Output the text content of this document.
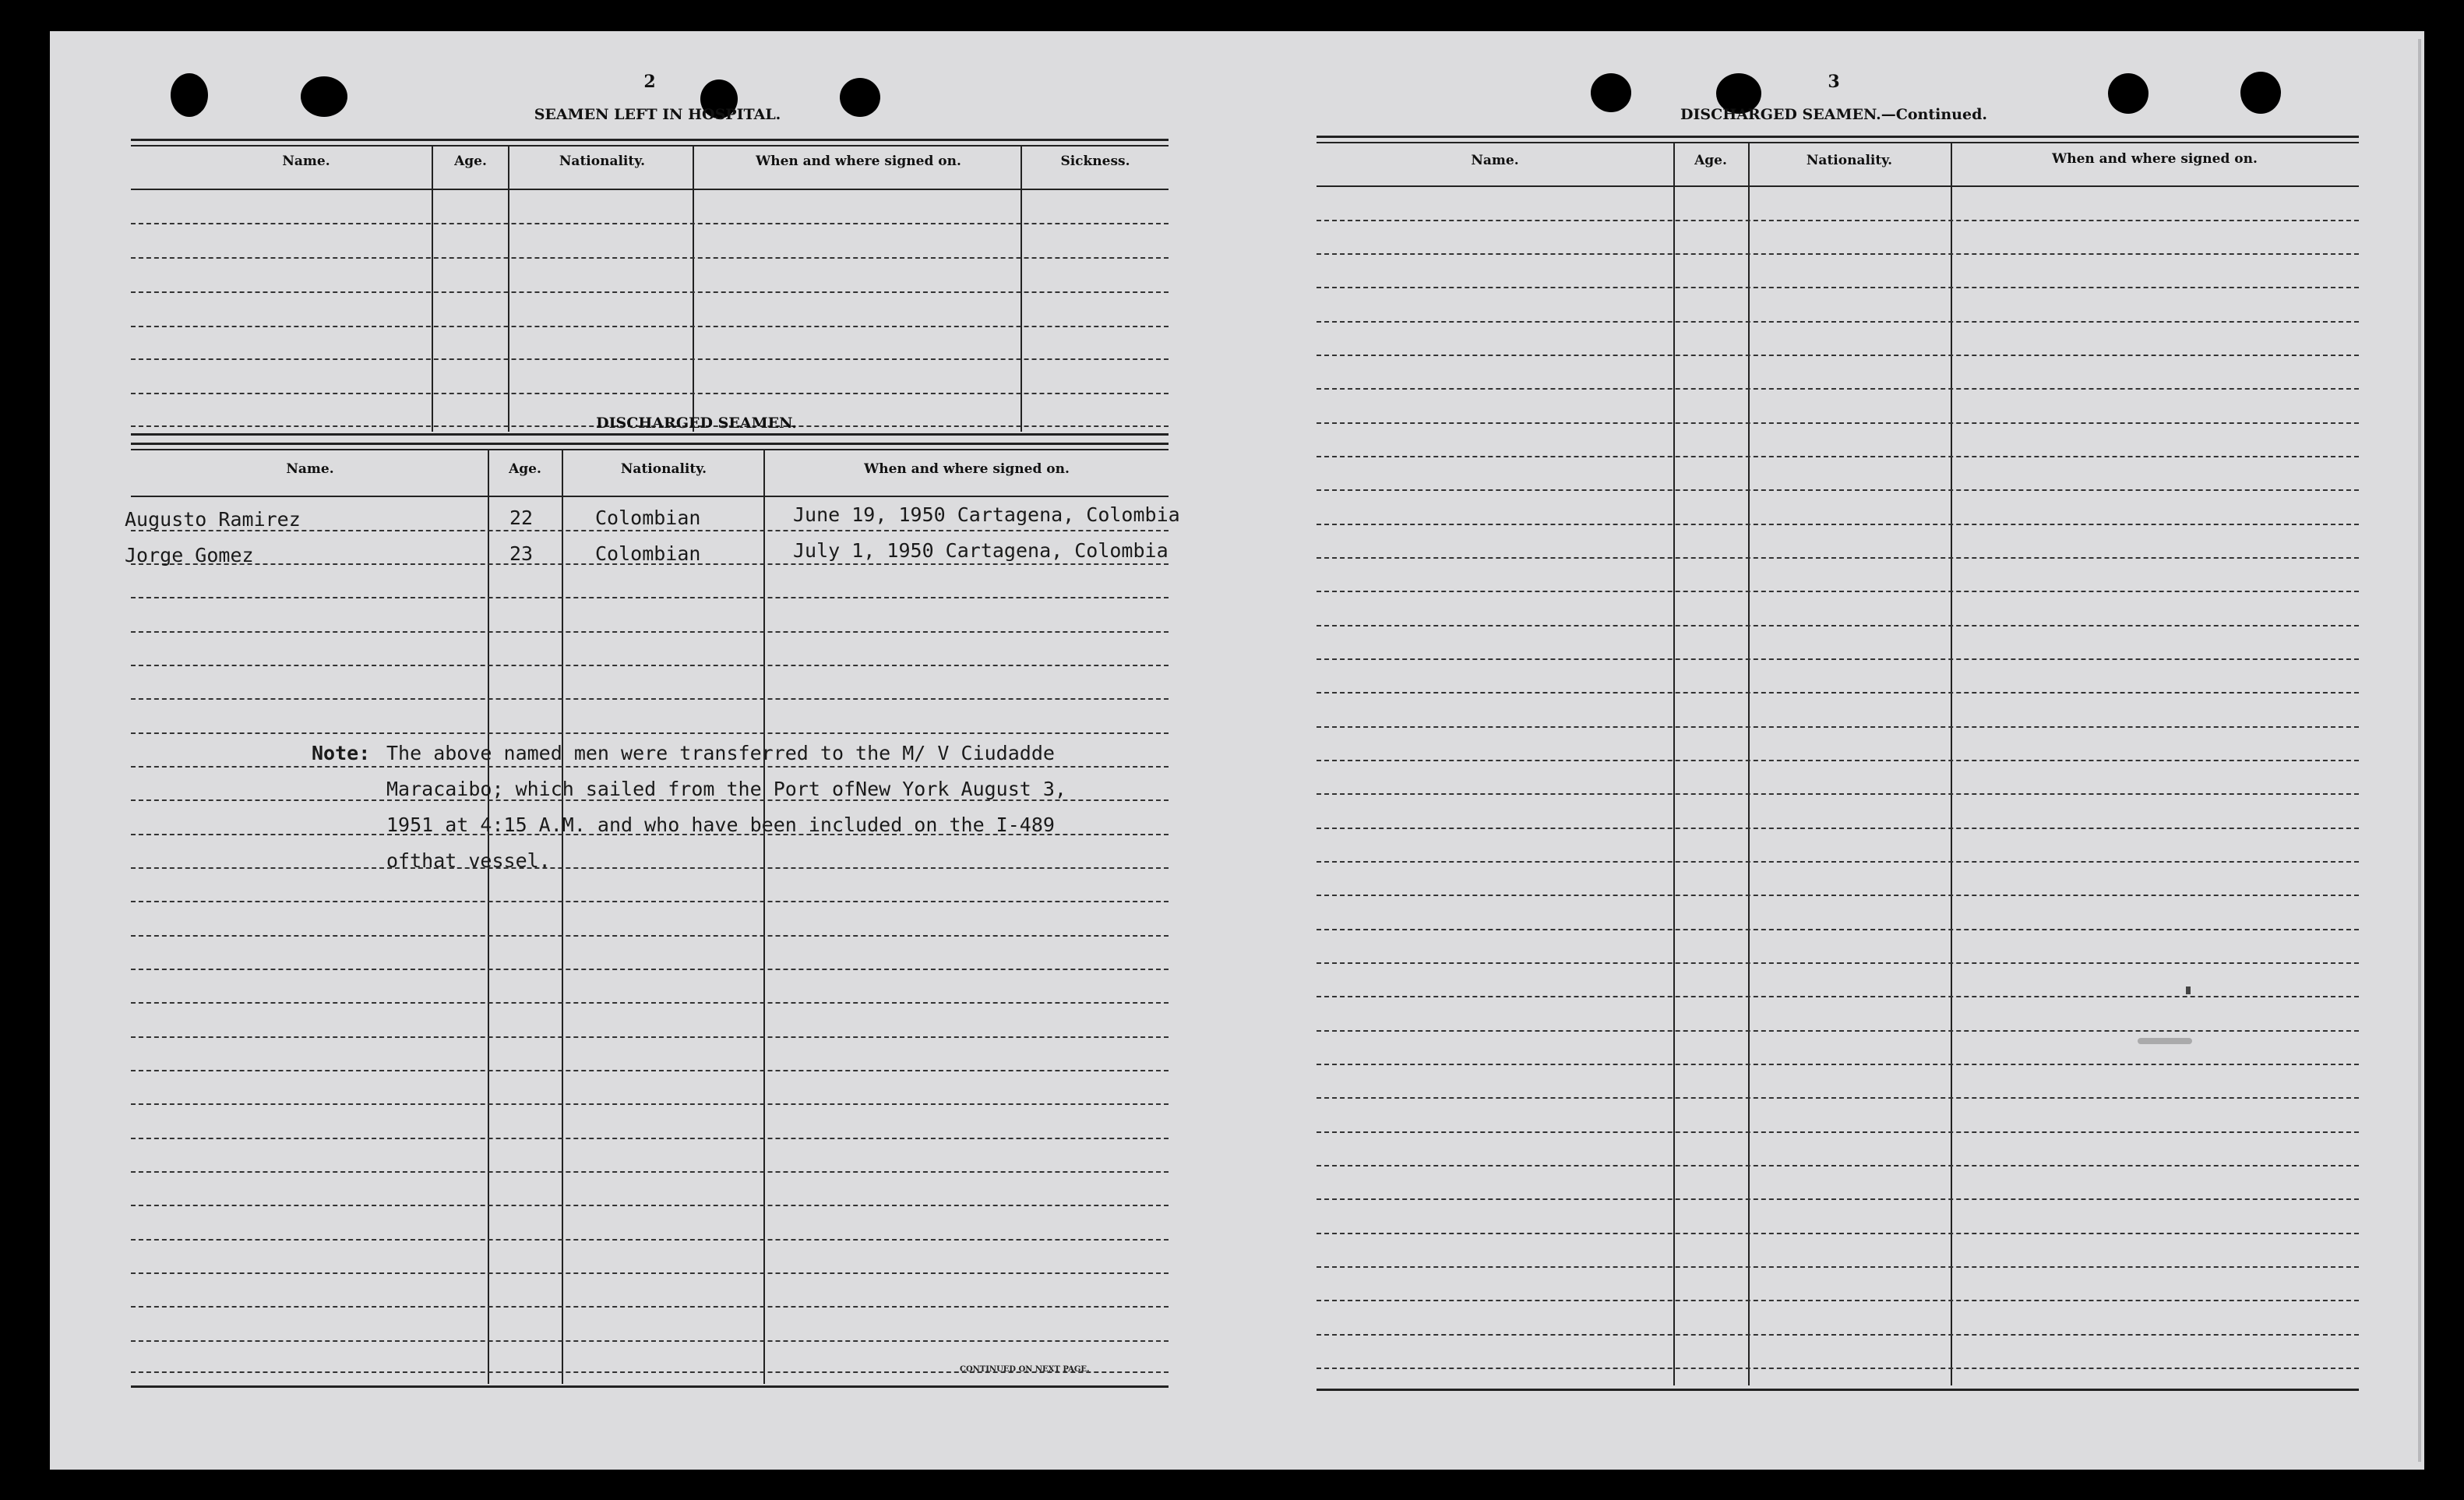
2
SEAMEN LEFT IN HOSPITAL.
Name.	Age.	Nationality.	When and where signed on.	Sickness.
DISCHARGED SEAMEN.
Name.	Age.	Nationality.	When and where signed on.
Augusto Ramirez	22	Colombian	June 19, 1950 Cartagena, Colombia
Jorge Gomez	23	Colombian	July 1, 1950 Cartagena, Colombia
Note: The above named men were transferred to the M/ V Ciudadde
Maracaibo; which sailed from the Port ofNew York August 3,
1951 at 4:15 A.M. and who have been included on the I-489
ofthat vessel.
CONTINUED ON NEXT PAGE.
3
DISCHARGED SEAMEN.—Continued.
Name.	Age.	Nationality.	When and where signed on.
